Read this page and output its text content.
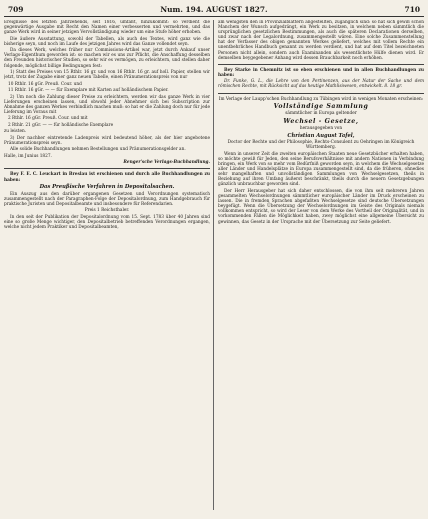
709	Num. 194. AUGUST 1827.	710

Ereignisse des letzten Jahrzehends, seit 1816, umfaßt, hinzukommt: so verdient die gegenwärtige Ausgabe mit Recht den Namen einer verbesserten und vermehrten, und das ganze Werk wird in seiner jetzigen Vervollständigung wieder um eine Stufe höher erhoben.

Die äußere Ausstattung, sowohl der Tabellen, als auch des Textes, wird ganz wie die bisherige seyn, und noch im Laufe des jetzigen Jahres wird das Ganze vollendet seyn.

Da dieses Werk, welches früher nur Commissions-Artikel war, jetzt durch Ankauf unser Verlags-Eigenthum geworden ist: so machen wir es uns zur Pflicht, die Anschaffung desselben den Freunden historischer Studien, so sehr wir es vermögen, zu erleichtern, und stellen daher folgende, möglichst billige Bedingungen fest:

1) Statt des Preises von 15 Rthlr. 16 gr. und von 16 Rthlr. 16 gr. auf holl. Papier, stellen wir jetzt, trotz der Zugabe einer ganz neuen Tabelle, einen Pränumerationspreis von nur

10 Rthlr. 16 gGr. Preuß. Cour. und

11 Rthlr. 16 gGr. — — für Exemplare mit Karten auf holländischem Papier.

2) Um noch die Zahlung dieser Preise zu erleichtern, werden wir das ganze Werk in vier Lieferungen erscheinen lassen, und obwohl jeder Abnehmer sich bei Subscription zur Abnahme des ganzen Werkes verbindlich machen muß: so hat er die Zahlung doch nur für jede Lieferung im Voraus mit

2 Rthlr. 16 gGr. Preuß. Cour. und mit

2 Rthlr. 21 gGr. — — für holländische Exemplare

zu leisten.

3) Der nachher eintretende Ladenpreis wird bedeutend höher, als der hier angebotene Pränumerationspreis seyn.

Alle solide Buchhandlungen nehmen Bestellungen und Pränumerationsgelder an.

Halle, im Junius 1827.

Renger'sche Verlags-Buchhandlung.

Bey F. E. C. Leuckart in Breslau ist erschienen und durch alle Buchhandlungen zu haben:

Das Preußische Verfahren in Depositalsachen.

Ein Auszug aus den darüber ergangenen Gesetzen und Verordnungen systematisch zusammengestellt nach der Paragraphen-Folge der Depositalordnung, zum Handgebrauch für praktische Juristen und Depositalbeamte und insbesondere für Referendarien.

Preis 1 Reichsthaler.

In den seit der Publikation der Depositalordnung vom 15. Sept. 1783 über 40 Jahren sind eine so große Menge wichtiger, den Depositalbetrieb betreffenden Verordnungen ergangen, welche nicht jedem Praktiker und Depositalbeamten,

am wenigsten den in Provinzialblättern angestellten, zugänglich sind: so hat sich gewiß schon Manchem der Wunsch aufgedrängt, ein Werk zu besitzen, in welchem neben sämmtlich die ursprünglichen gesetzlichen Bestimmungen, als auch die späteren Declarationen derselben, und zwar nach der Legalordnung, zusammengestellt wären. Eine solche Zusammenstellung hat der Verfasser des obigen genannten Werkes geliefert, welches mit vollem Rechte ein unentbehrliches Handbuch genannt zu werden verdient, und hat auf dem Titel bezeichneten Personen nicht allein, sondern auch Examinanden als wesentlichste Hülfe dienen wird. Er demselben beygegebener Anhang wird dessen Brauchbarkeit noch erhöhen.

Bey Starke in Chemnitz ist so eben erschienen und in allen Buchhandlungen zu haben:

Dr. Funke, G. L., die Lehre von den Pertinenzen, aus der Natur der Sache und dem römischen Rechte, mit Rücksicht auf das heutige Mathlisiwesen, entwickelt. 8. 18 gr.

Im Verlage der Laupp'schen Buchhandlung zu Tübingen wird in wenigen Monaten erscheinen:

Vollständige Sammlung

sämmtlicher in Europa geltender

Wechsel - Gesetze,

herausgegeben von

Christian August Tafel,

Doctor der Rechte und der Philosophie, Rechts-Consulent zu Oehringen im Königreich Württemberg.

Wenn in unserer Zeit die zweiten europäischen Staaten neue Gesetzbücher erhalten haben, so möchte gewiß für Jeden, den seine Berufsverhältnisse mit andern Nationen in Verbindung bringen, ein Werk von so mehr vom Bedürfniß geworden seyn, in welchem die Wechselgesetze aller Länder und Handelsplätze in Europa zusammengestellt sind, da die früheren, ohnedies sehr mangelhaften und unvollständigen Sammlungen von Wechselgesetzen, theils in Beziehung auf ihren Umfang äußerst beschränkt, theils durch die neuern Gesetzgebungen gänzlich unbrauchbar geworden sind.

Der Herr Herausgeber hat sich daher entschlossen, die von ihm seit mehreren Jahren gesammelten Wechselordnungen sämmtlicher europäischer Länder im Druck erscheinen zu lassen. Die in fremden Sprachen abgefaßten Wechselgesetze sind deutsche Übersetzungen beygefügt. Wenn die Übersetzung der Wechselordnungen im Geiste des Originals niemals vollkommen entspricht, so wird der Leser von dem Werke des Vortheil der Originalität, und in vorkommenden Fällen die Möglichkeit haben, zwey möglichst eine allgemeine Übersicht zu gewinnen, das Gesetz in der Ursprache mit der Übersetzung zur Seite geliefert.
